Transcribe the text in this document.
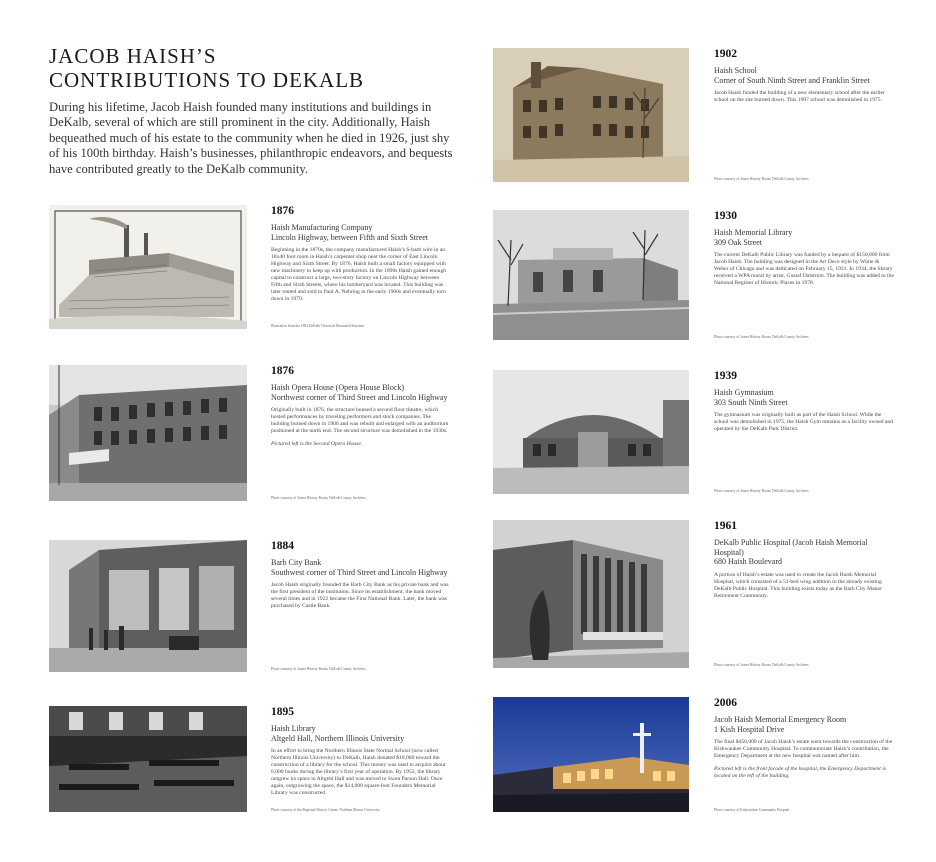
JACOB HAISH’S
CONTRIBUTIONS TO DEKALB

During his lifetime, Jacob Haish founded many institutions and buildings in DeKalb, several of which are still prominent in the city. Additionally, Haish bequeathed much of his estate to the community when he died in 1926, just shy of his 100th birthday. Haish’s businesses, philanthropic endeavors, and bequests have contributed greatly to the DeKalb community.

1876
Haish Manufacturing Company
Lincoln Highway, between Fifth and Sixth Street
Beginning in the 1870s, the company manufactured Haish’s S-barb wire in an 18x40 foot room in Haish’s carpenter shop near the corner of East Lincoln Highway and Sixth Street. By 1876, Haish built a small factory equipped with new machinery to keep up with production. In the 1890s Haish gained enough capital to construct a large, two-story factory on Lincoln Highway between Fifth and Sixth Streets, where his lumberyard was located. This building was later rented and sold to Paul A. Nehring in the early 1900s and eventually torn down in 1979.
Illustration from the 1892 DeKalb Chronicle Illustrated Souvenir
1876
Haish Opera House (Opera House Block)
Northwest corner of Third Street and Lincoln Highway
Originally built in 1876, the structure housed a second floor theatre, which hosted performances by traveling performers and stock companies. The building burned down in 1906 and was rebuilt and enlarged with an auditorium positioned at the north end. The second structure was demolished in the 1930s.
Pictured left is the Second Opera House.
Photo courtesy of Joiner History Room, DeKalb County Archives.
1884
Barb City Bank
Southwest corner of Third Street and Lincoln Highway
Jacob Haish originally founded the Barb City Bank as his private bank and was the first president of the institution. Since its establishment, the bank moved several times and in 1922 became the First National Bank. Later, the bank was purchased by Castle Bank.
Photo courtesy of Joiner History Room, DeKalb County Archives.
1895
Haish Library
Altgeld Hall, Northern Illinois University
In an effort to bring the Northern Illinois State Normal School (now called Northern Illinois University) to DeKalb, Haish donated $10,000 toward the construction of a library for the school. This money was used to acquire about 6,000 books during the library’s first year of operation. By 1952, the library outgrew its space in Altgeld Hall and was moved to Swen Parson Hall. Once again, outgrowing the space, the $14,000 square-foot Founders Memorial Library was constructed.
Photo courtesy of the Regional History Center, Northern Illinois University.
1902
Haish School
Corner of South Ninth Street and Franklin Street
Jacob Haish funded the building of a new elementary school after the earlier school on the site burned down. This 1907 school was demolished in 1975.
Photo courtesy of Joiner History Room, DeKalb County Archives.
1930
Haish Memorial Library
309 Oak Street
The current DeKalb Public Library was funded by a bequest of $150,000 from Jacob Haish. The building was designed in the Art Deco style by White & Weber of Chicago and was dedicated on February 15, 1931. In 1934, the library received a WPA mural by artist, Gustaf Dalstrom. The building was added to the National Register of Historic Places in 1978.
Photo courtesy of Joiner History Room, DeKalb County Archives.
1939
Haish Gymnasium
303 South Ninth Street
The gymnasium was originally built as part of the Haish School. While the school was demolished in 1975, the Haish Gym remains as a facility owned and operated by the DeKalb Park District.
Photo courtesy of Joiner History Room, DeKalb County Archives.
1961
DeKalb Public Hospital (Jacob Haish Memorial Hospital)
680 Haish Boulevard
A portion of Haish’s estate was used to create the Jacob Haish Memorial Hospital, which consisted of a 51-bed wing addition to the already existing DeKalb Public Hospital. This building exists today as the Barb City Manor Retirement Community.
Photo courtesy of Joiner History Room, DeKalb County Archives.
2006
Jacob Haish Memorial Emergency Room
1 Kish Hospital Drive
The final $450,000 of Jacob Haish’s estate went towards the construction of the Kishwaukee Community Hospital. To commemorate Haish’s contribution, the Emergency Department at the new hospital was named after him.
Pictured left is the front facade of the hospital, the Emergency Department is located on the left of the building.
Photo courtesy of Kishwaukee Community Hospital
